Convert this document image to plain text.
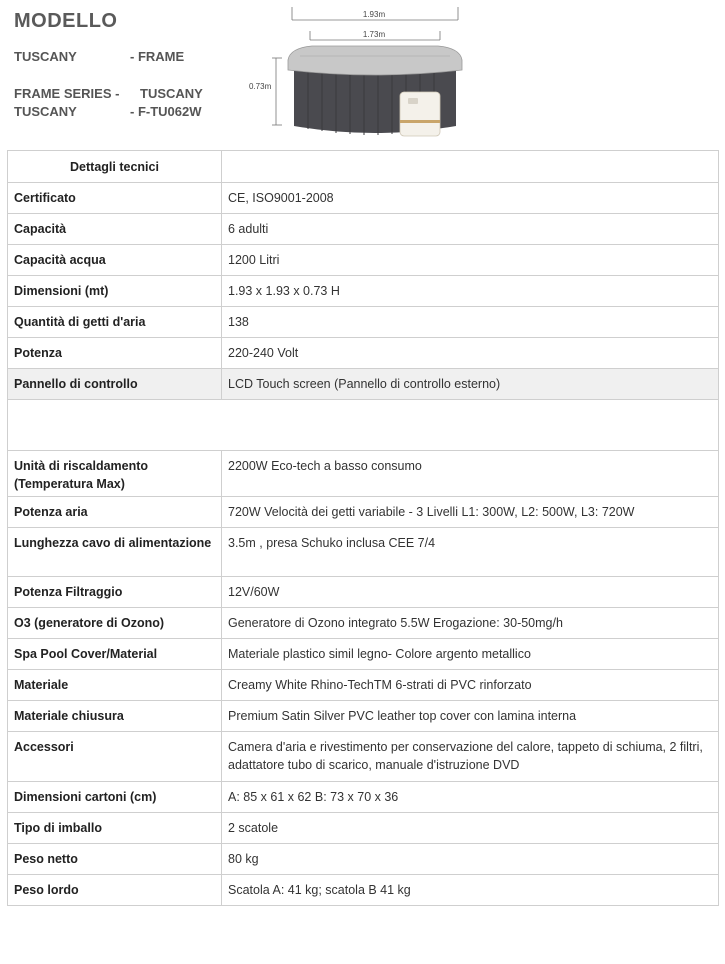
MODELLO
TUSCANY	- FRAME
FRAME SERIES - TUSCANY
TUSCANY	- F-TU062W
1.93m
1.73m
0.73m
Dettagli tecnici	
Certificato	CE, ISO9001-2008
Capacità	6 adulti
Capacità acqua	1200 Litri
Dimensioni (mt)	1.93 x 1.93 x 0.73 H
Quantità di getti d'aria	138
Potenza	220-240 Volt
Pannello di controllo	LCD Touch screen (Pannello di controllo esterno)
Unità di riscaldamento (Temperatura Max)	2200W Eco-tech a basso consumo
Potenza aria	720W Velocità dei getti variabile - 3 Livelli L1: 300W, L2: 500W, L3: 720W
Lunghezza cavo di alimentazione	3.5m , presa Schuko inclusa CEE 7/4
Potenza Filtraggio	12V/60W
O3 (generatore di Ozono)	Generatore di Ozono integrato 5.5W Erogazione: 30-50mg/h
Spa Pool Cover/Material	Materiale plastico simil legno- Colore argento metallico
Materiale	Creamy White Rhino-TechTM 6-strati di PVC rinforzato
Materiale chiusura	Premium Satin Silver PVC leather top cover con lamina interna
Accessori	Camera d'aria e rivestimento per conservazione del calore, tappeto di schiuma, 2 filtri, adattatore tubo di scarico, manuale d'istruzione DVD
Dimensioni cartoni (cm)	A: 85 x 61 x 62 B: 73 x 70 x 36
Tipo di imballo	2 scatole
Peso netto	80 kg
Peso lordo	Scatola A: 41 kg; scatola B 41 kg
